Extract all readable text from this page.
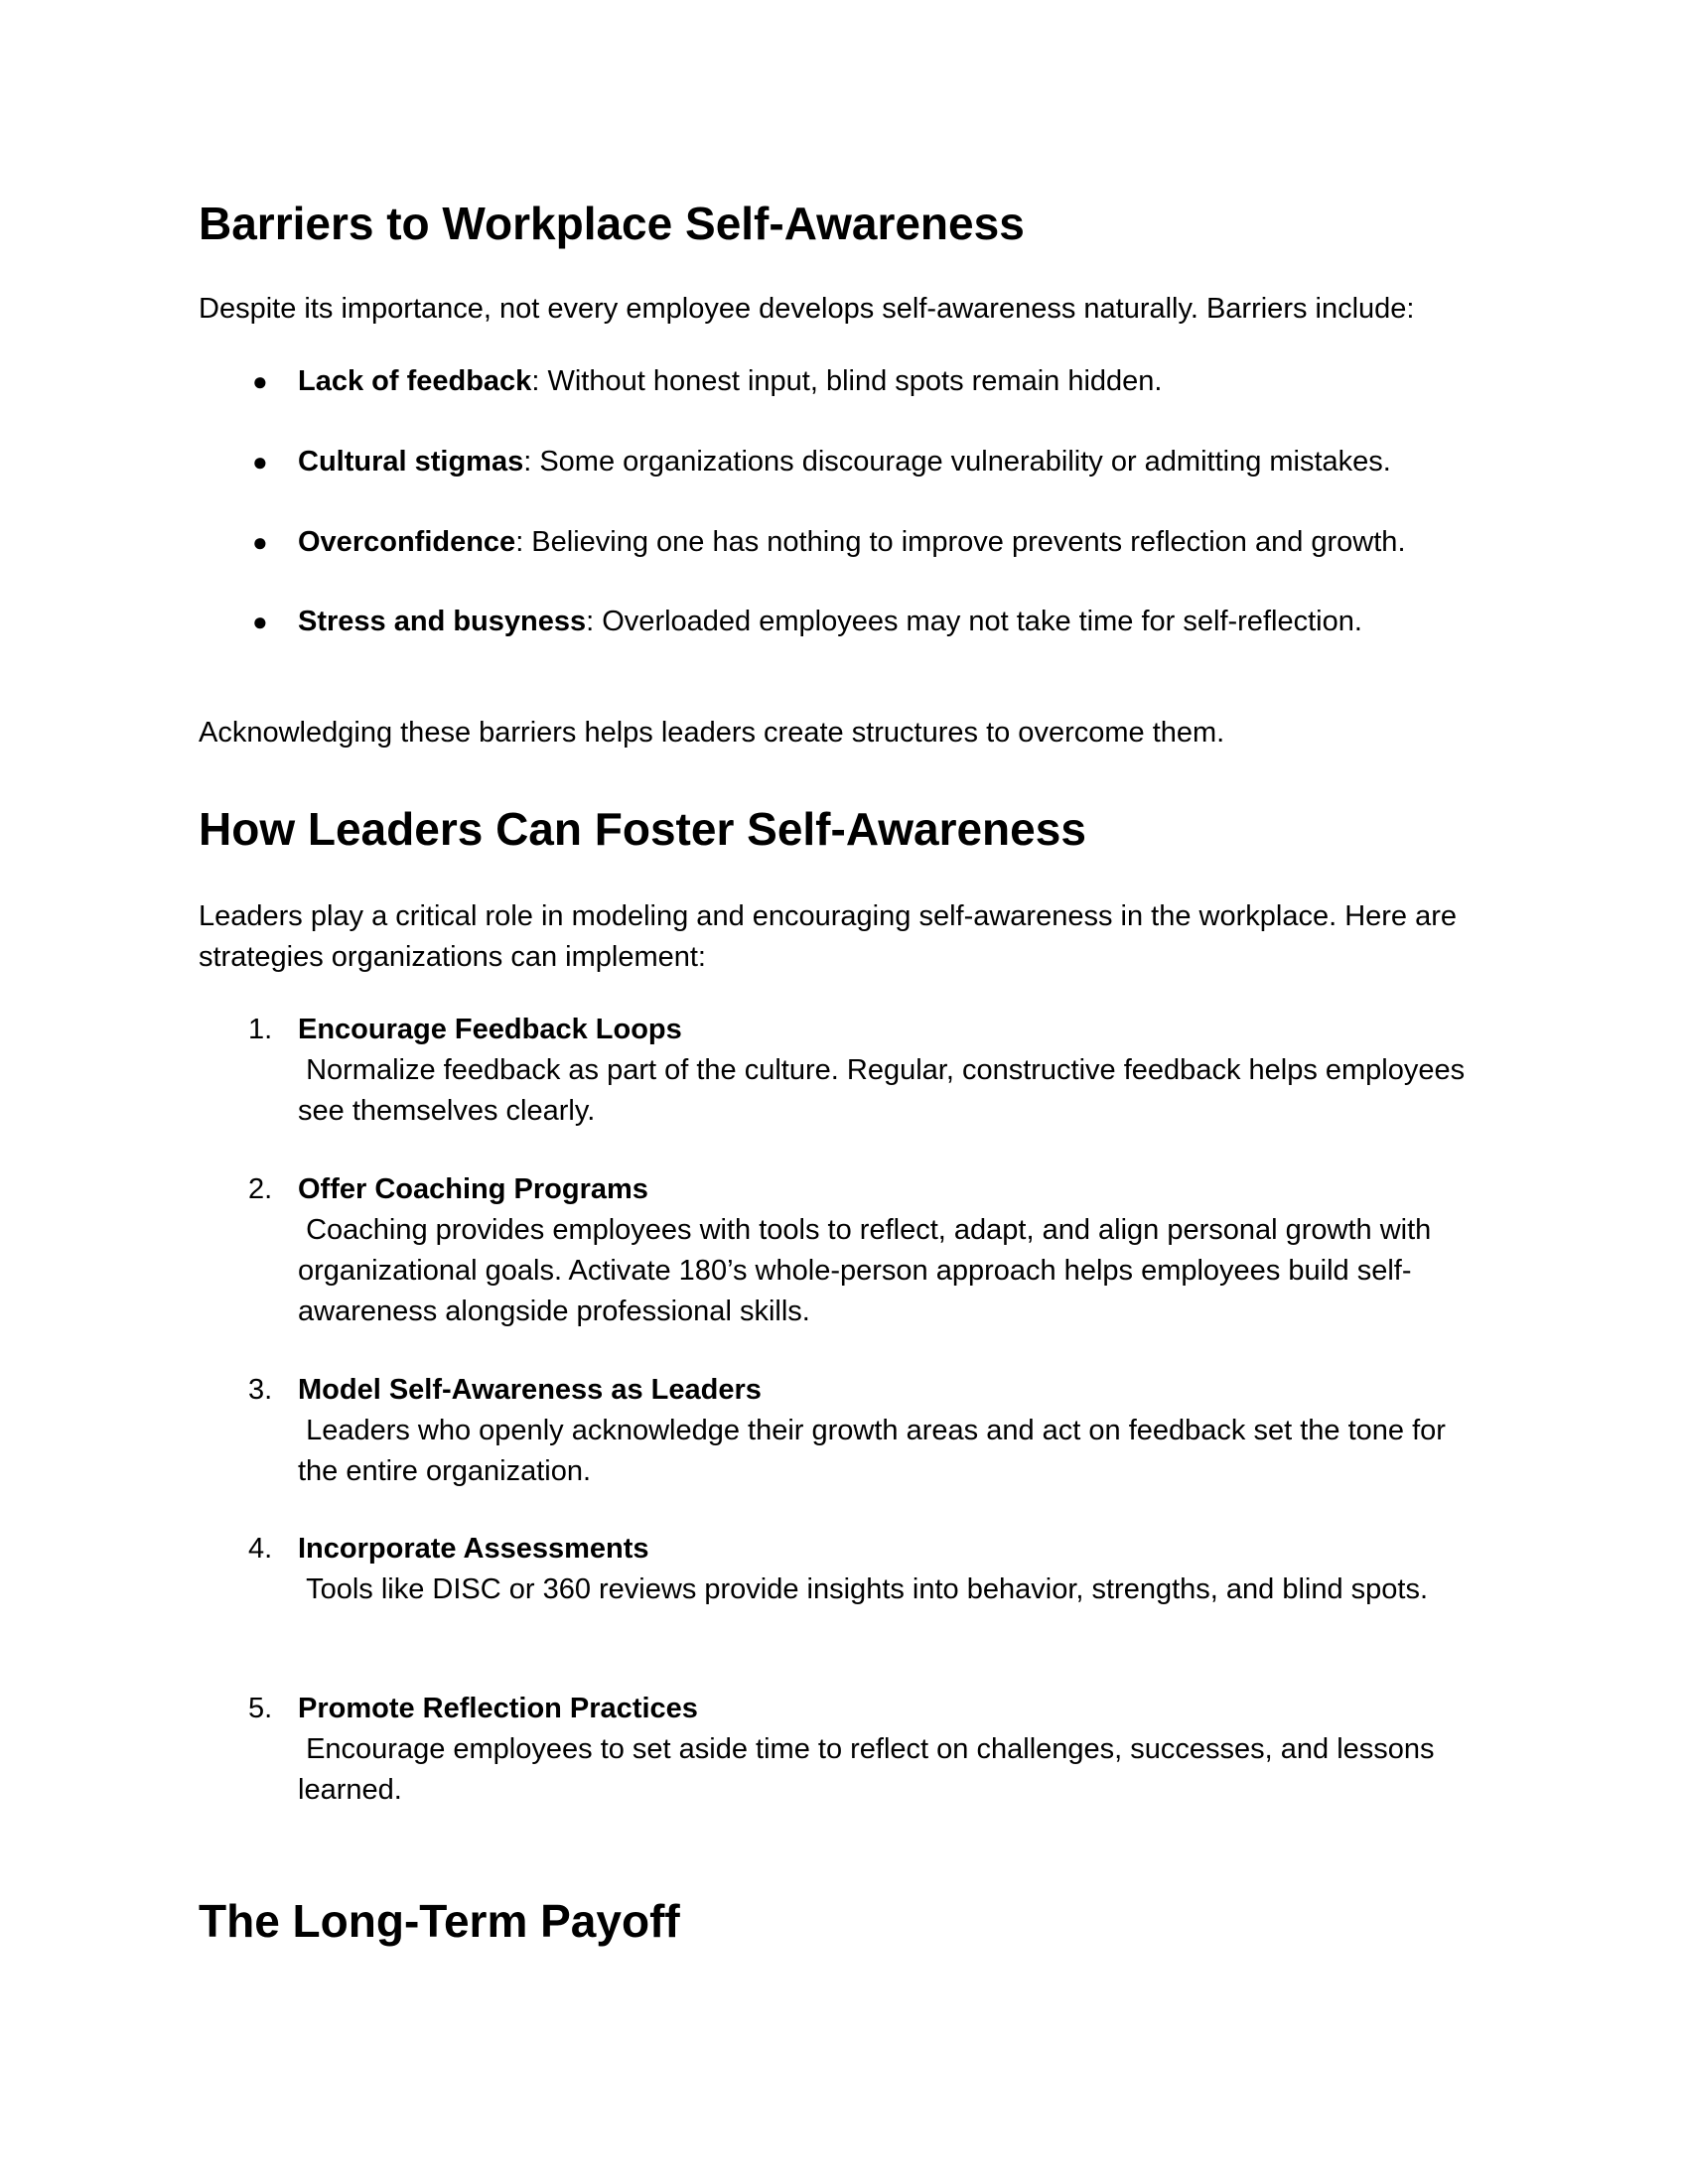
Barriers to Workplace Self-Awareness

Despite its importance, not every employee develops self-awareness naturally. Barriers include:

● Lack of feedback: Without honest input, blind spots remain hidden.
● Cultural stigmas: Some organizations discourage vulnerability or admitting mistakes.
● Overconfidence: Believing one has nothing to improve prevents reflection and growth.
● Stress and busyness: Overloaded employees may not take time for self-reflection.

Acknowledging these barriers helps leaders create structures to overcome them.

How Leaders Can Foster Self-Awareness

Leaders play a critical role in modeling and encouraging self-awareness in the workplace. Here are strategies organizations can implement:

1. Encourage Feedback Loops
Normalize feedback as part of the culture. Regular, constructive feedback helps employees see themselves clearly.
2. Offer Coaching Programs
Coaching provides employees with tools to reflect, adapt, and align personal growth with organizational goals. Activate 180’s whole-person approach helps employees build self-awareness alongside professional skills.
3. Model Self-Awareness as Leaders
Leaders who openly acknowledge their growth areas and act on feedback set the tone for the entire organization.
4. Incorporate Assessments
Tools like DISC or 360 reviews provide insights into behavior, strengths, and blind spots.
5. Promote Reflection Practices
Encourage employees to set aside time to reflect on challenges, successes, and lessons learned.
The Long-Term Payoff
